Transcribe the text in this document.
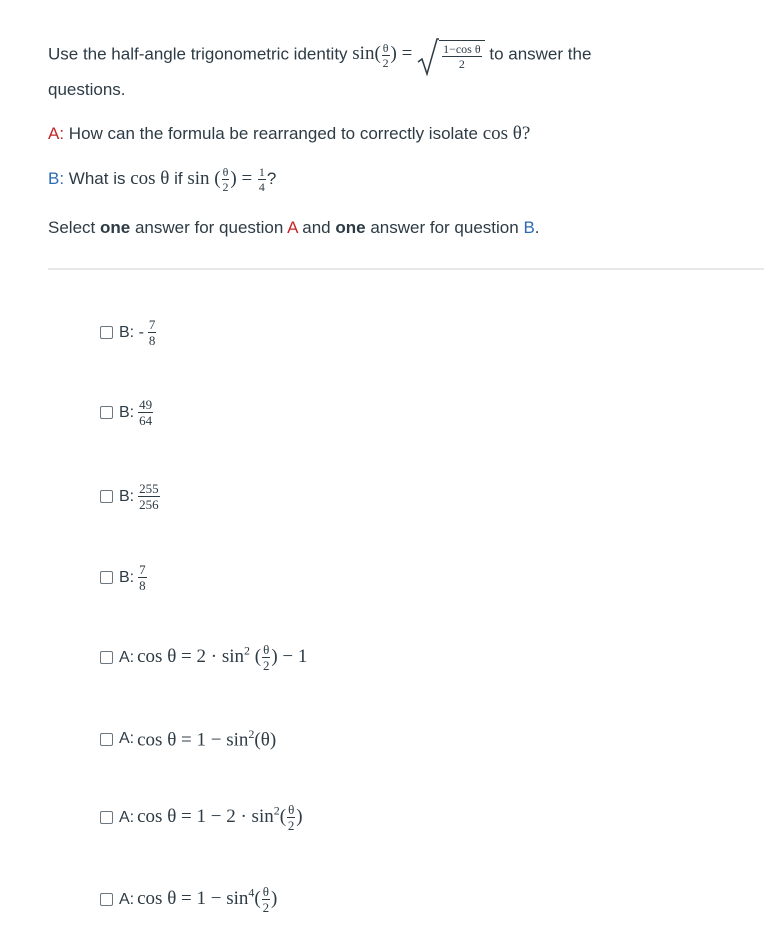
Use the half-angle trigonometric identity $\sin( \frac{\theta}{2}$ ) = $\frac{\text{1−cos θ}}{2}$ to answer the

questions.

A: How can the formula be rearranged to correctly isolate cos θ?

B: What is cos θ if sin ( $\frac{\theta}{2}$ ) = $\frac{1}{4}$ ?

Select one answer for question A and one answer for question B.

B: - $\frac{7}{8}$
B: $\frac{49}{64}$
B: $\frac{255}{256}$
B: $\frac{7}{8}$
A: $\cos \theta = 2 \cdot \sin^2$ ( $\frac{\theta}{2}$ ) − 1
A: $\cos \theta = 1 - \sin^2(\theta)$
A: $\cos \theta = 1 - 2 \cdot \sin^2( \frac{\theta}{2}$ )
A: $\cos \theta = 1 - \sin^4( \frac{\theta}{2}$ )
